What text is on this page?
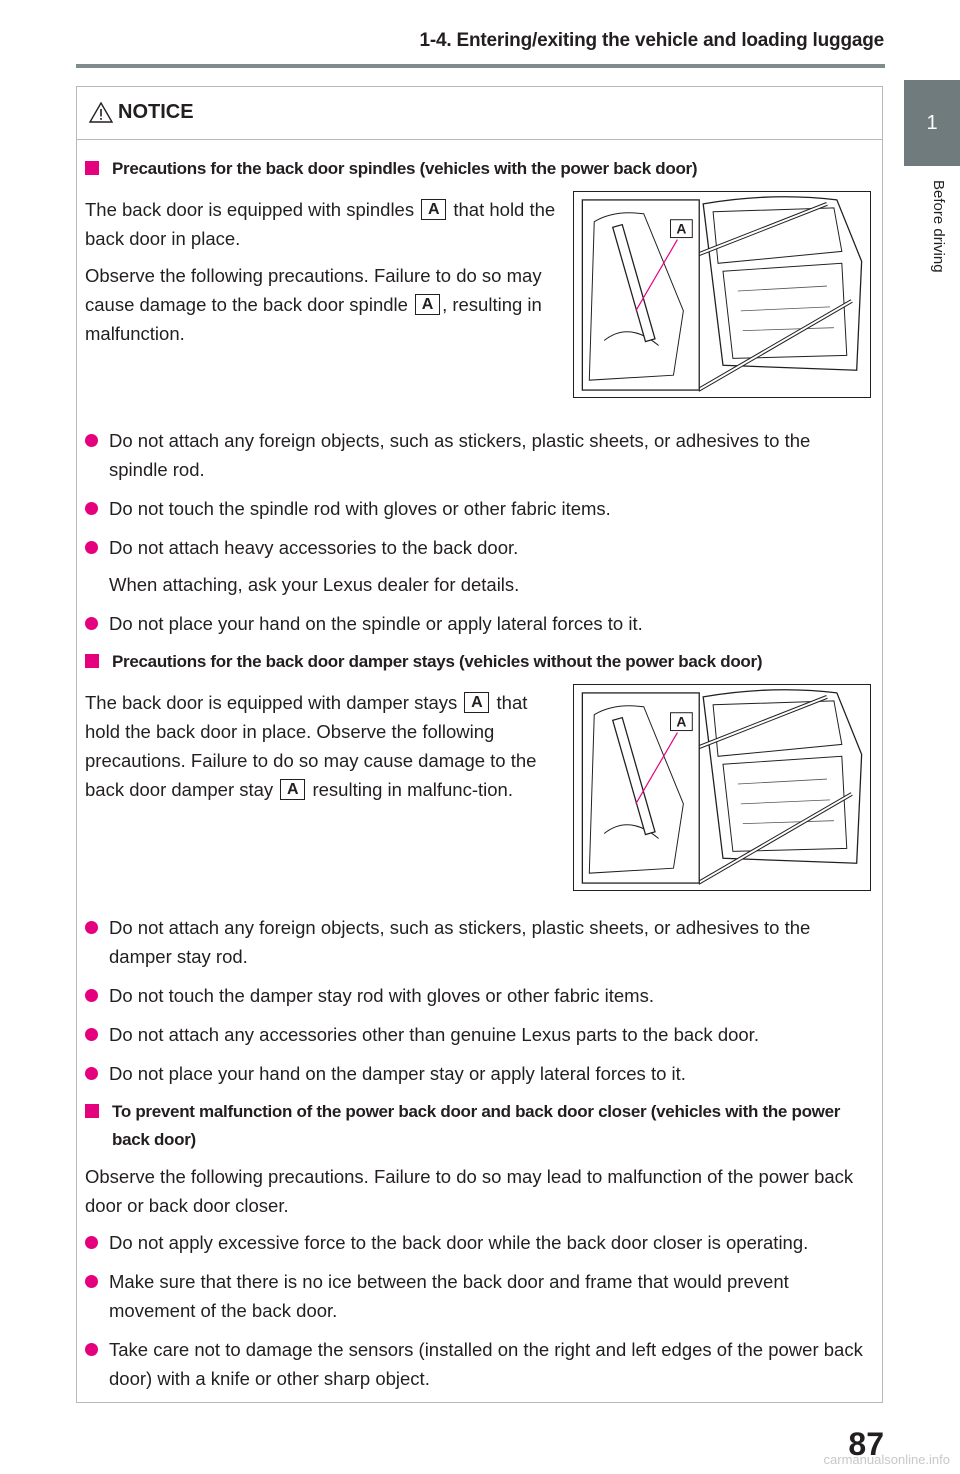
1-4. Entering/exiting the vehicle and loading luggage
1
Before driving
NOTICE
Precautions for the back door spindles (vehicles with the power back door)

The back door is equipped with spindles A that hold the back door in place.

Observe the following precautions. Failure to do so may cause damage to the back door spindle A , resulting in malfunction.

A
Do not attach any foreign objects, such as stickers, plastic sheets, or adhesives to the spindle rod.
Do not touch the spindle rod with gloves or other fabric items.
Do not attach heavy accessories to the back door.
When attaching, ask your Lexus dealer for details.
Do not place your hand on the spindle or apply lateral forces to it.
Precautions for the back door damper stays (vehicles without the power back door)

The back door is equipped with damper stays A that hold the back door in place. Observe the following precautions. Failure to do so may cause damage to the back door damper stay A resulting in malfunc-tion.

A
Do not attach any foreign objects, such as stickers, plastic sheets, or adhesives to the damper stay rod.
Do not touch the damper stay rod with gloves or other fabric items.
Do not attach any accessories other than genuine Lexus parts to the back door.
Do not place your hand on the damper stay or apply lateral forces to it.
To prevent malfunction of the power back door and back door closer (vehicles with the power back door)

Observe the following precautions. Failure to do so may lead to malfunction of the power back door or back door closer.

Do not apply excessive force to the back door while the back door closer is operating.
Make sure that there is no ice between the back door and frame that would prevent movement of the back door.
Take care not to damage the sensors (installed on the right and left edges of the power back door) with a knife or other sharp object.
87
carmanualsonline.info
